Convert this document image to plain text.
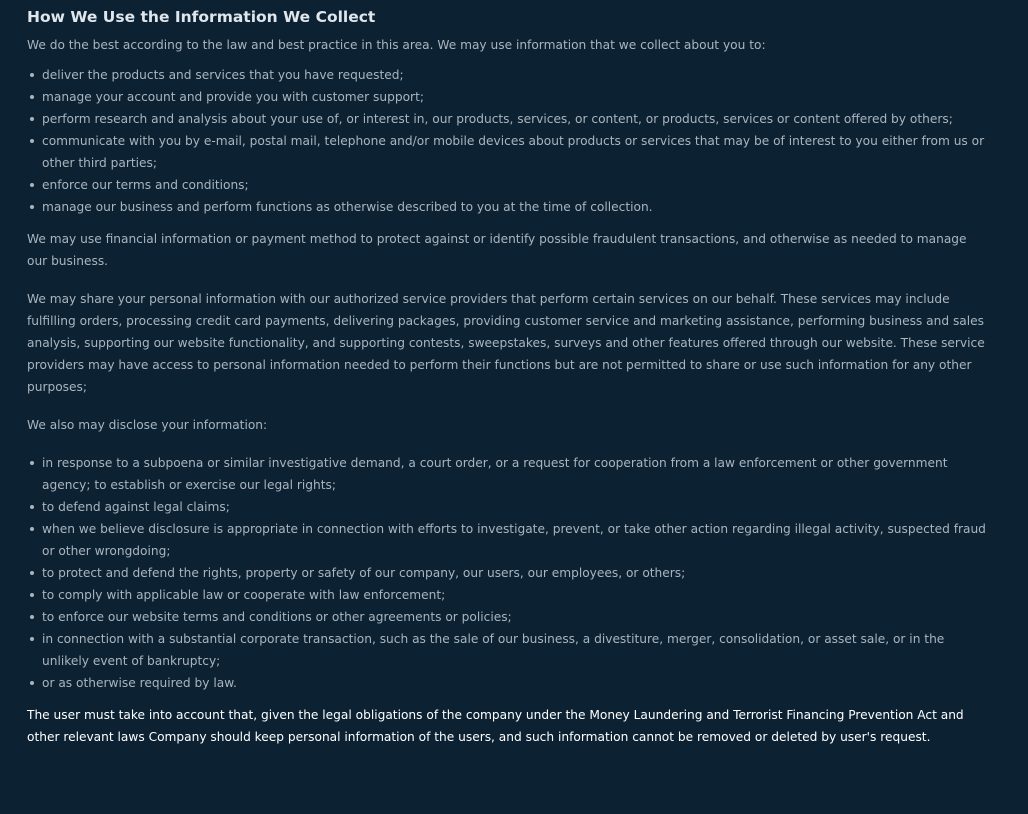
How We Use the Information We Collect

We do the best according to the law and best practice in this area. We may use information that we collect about you to:

deliver the products and services that you have requested;
manage your account and provide you with customer support;
perform research and analysis about your use of, or interest in, our products, services, or content, or products, services or content offered by others;
communicate with you by e-mail, postal mail, telephone and/or mobile devices about products or services that may be of interest to you either from us or other third parties;
enforce our terms and conditions;
manage our business and perform functions as otherwise described to you at the time of collection.

We may use financial information or payment method to protect against or identify possible fraudulent transactions, and otherwise as needed to manage our business.

We may share your personal information with our authorized service providers that perform certain services on our behalf. These services may include fulfilling orders, processing credit card payments, delivering packages, providing customer service and marketing assistance, performing business and sales analysis, supporting our website functionality, and supporting contests, sweepstakes, surveys and other features offered through our website. These service providers may have access to personal information needed to perform their functions but are not permitted to share or use such information for any other purposes;

We also may disclose your information:

in response to a subpoena or similar investigative demand, a court order, or a request for cooperation from a law enforcement or other government agency; to establish or exercise our legal rights;
to defend against legal claims;
when we believe disclosure is appropriate in connection with efforts to investigate, prevent, or take other action regarding illegal activity, suspected fraud or other wrongdoing;
to protect and defend the rights, property or safety of our company, our users, our employees, or others;
to comply with applicable law or cooperate with law enforcement;
to enforce our website terms and conditions or other agreements or policies;
in connection with a substantial corporate transaction, such as the sale of our business, a divestiture, merger, consolidation, or asset sale, or in the unlikely event of bankruptcy;
or as otherwise required by law.

The user must take into account that, given the legal obligations of the company under the Money Laundering and Terrorist Financing Prevention Act and other relevant laws Company should keep personal information of the users, and such information cannot be removed or deleted by user's request.
